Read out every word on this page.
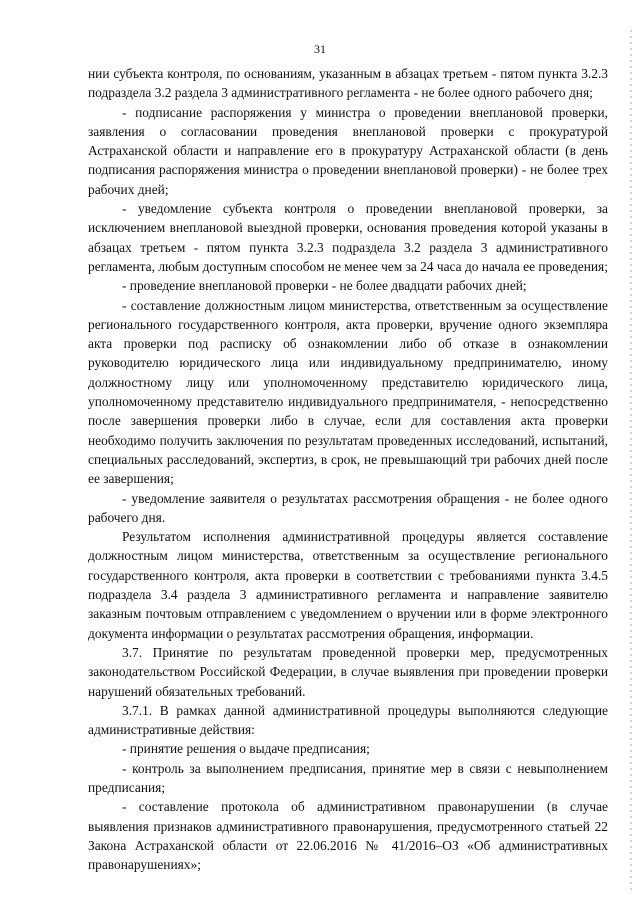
31

нии субъекта контроля, по основаниям, указанным в абзацах третьем - пятом пункта 3.2.3 подраздела 3.2 раздела 3 административного регламента - не более одного рабочего дня;

- подписание распоряжения у министра о проведении внеплановой проверки, заявления о согласовании проведения внеплановой проверки с прокуратурой Астраханской области и направление его в прокуратуру Астраханской области (в день подписания распоряжения министра о проведении внеплановой проверки) - не более трех рабочих дней;

- уведомление субъекта контроля о проведении внеплановой проверки, за исключением внеплановой выездной проверки, основания проведения которой указаны в абзацах третьем - пятом пункта 3.2.3 подраздела 3.2 раздела 3 административного регламента, любым доступным способом не менее чем за 24 часа до начала ее проведения;

- проведение внеплановой проверки - не более двадцати рабочих дней;

- составление должностным лицом министерства, ответственным за осуществление регионального государственного контроля, акта проверки, вручение одного экземпляра акта проверки под расписку об ознакомлении либо об отказе в ознакомлении руководителю юридического лица или индивидуальному предпринимателю, иному должностному лицу или уполномоченному представителю юридического лица, уполномоченному представителю индивидуального предпринимателя, - непосредственно после завершения проверки либо в случае, если для составления акта проверки необходимо получить заключения по результатам проведенных исследований, испытаний, специальных расследований, экспертиз, в срок, не превышающий три рабочих дней после ее завершения;

- уведомление заявителя о результатах рассмотрения обращения - не более одного рабочего дня.

Результатом исполнения административной процедуры является составление должностным лицом министерства, ответственным за осуществление регионального государственного контроля, акта проверки в соответствии с требованиями пункта 3.4.5 подраздела 3.4 раздела 3 административного регламента и направление заявителю заказным почтовым отправлением с уведомлением о вручении или в форме электронного документа информации о результатах рассмотрения обращения, информации.

3.7. Принятие по результатам проведенной проверки мер, предусмотренных законодательством Российской Федерации, в случае выявления при проведении проверки нарушений обязательных требований.

3.7.1. В рамках данной административной процедуры выполняются следующие административные действия:

- принятие решения о выдаче предписания;

- контроль за выполнением предписания, принятие мер в связи с невыполнением предписания;

- составление протокола об административном правонарушении (в случае выявления признаков административного правонарушения, предусмотренного статьей 22 Закона Астраханской области от 22.06.2016 № 41/2016–ОЗ «Об административных правонарушениях»;
